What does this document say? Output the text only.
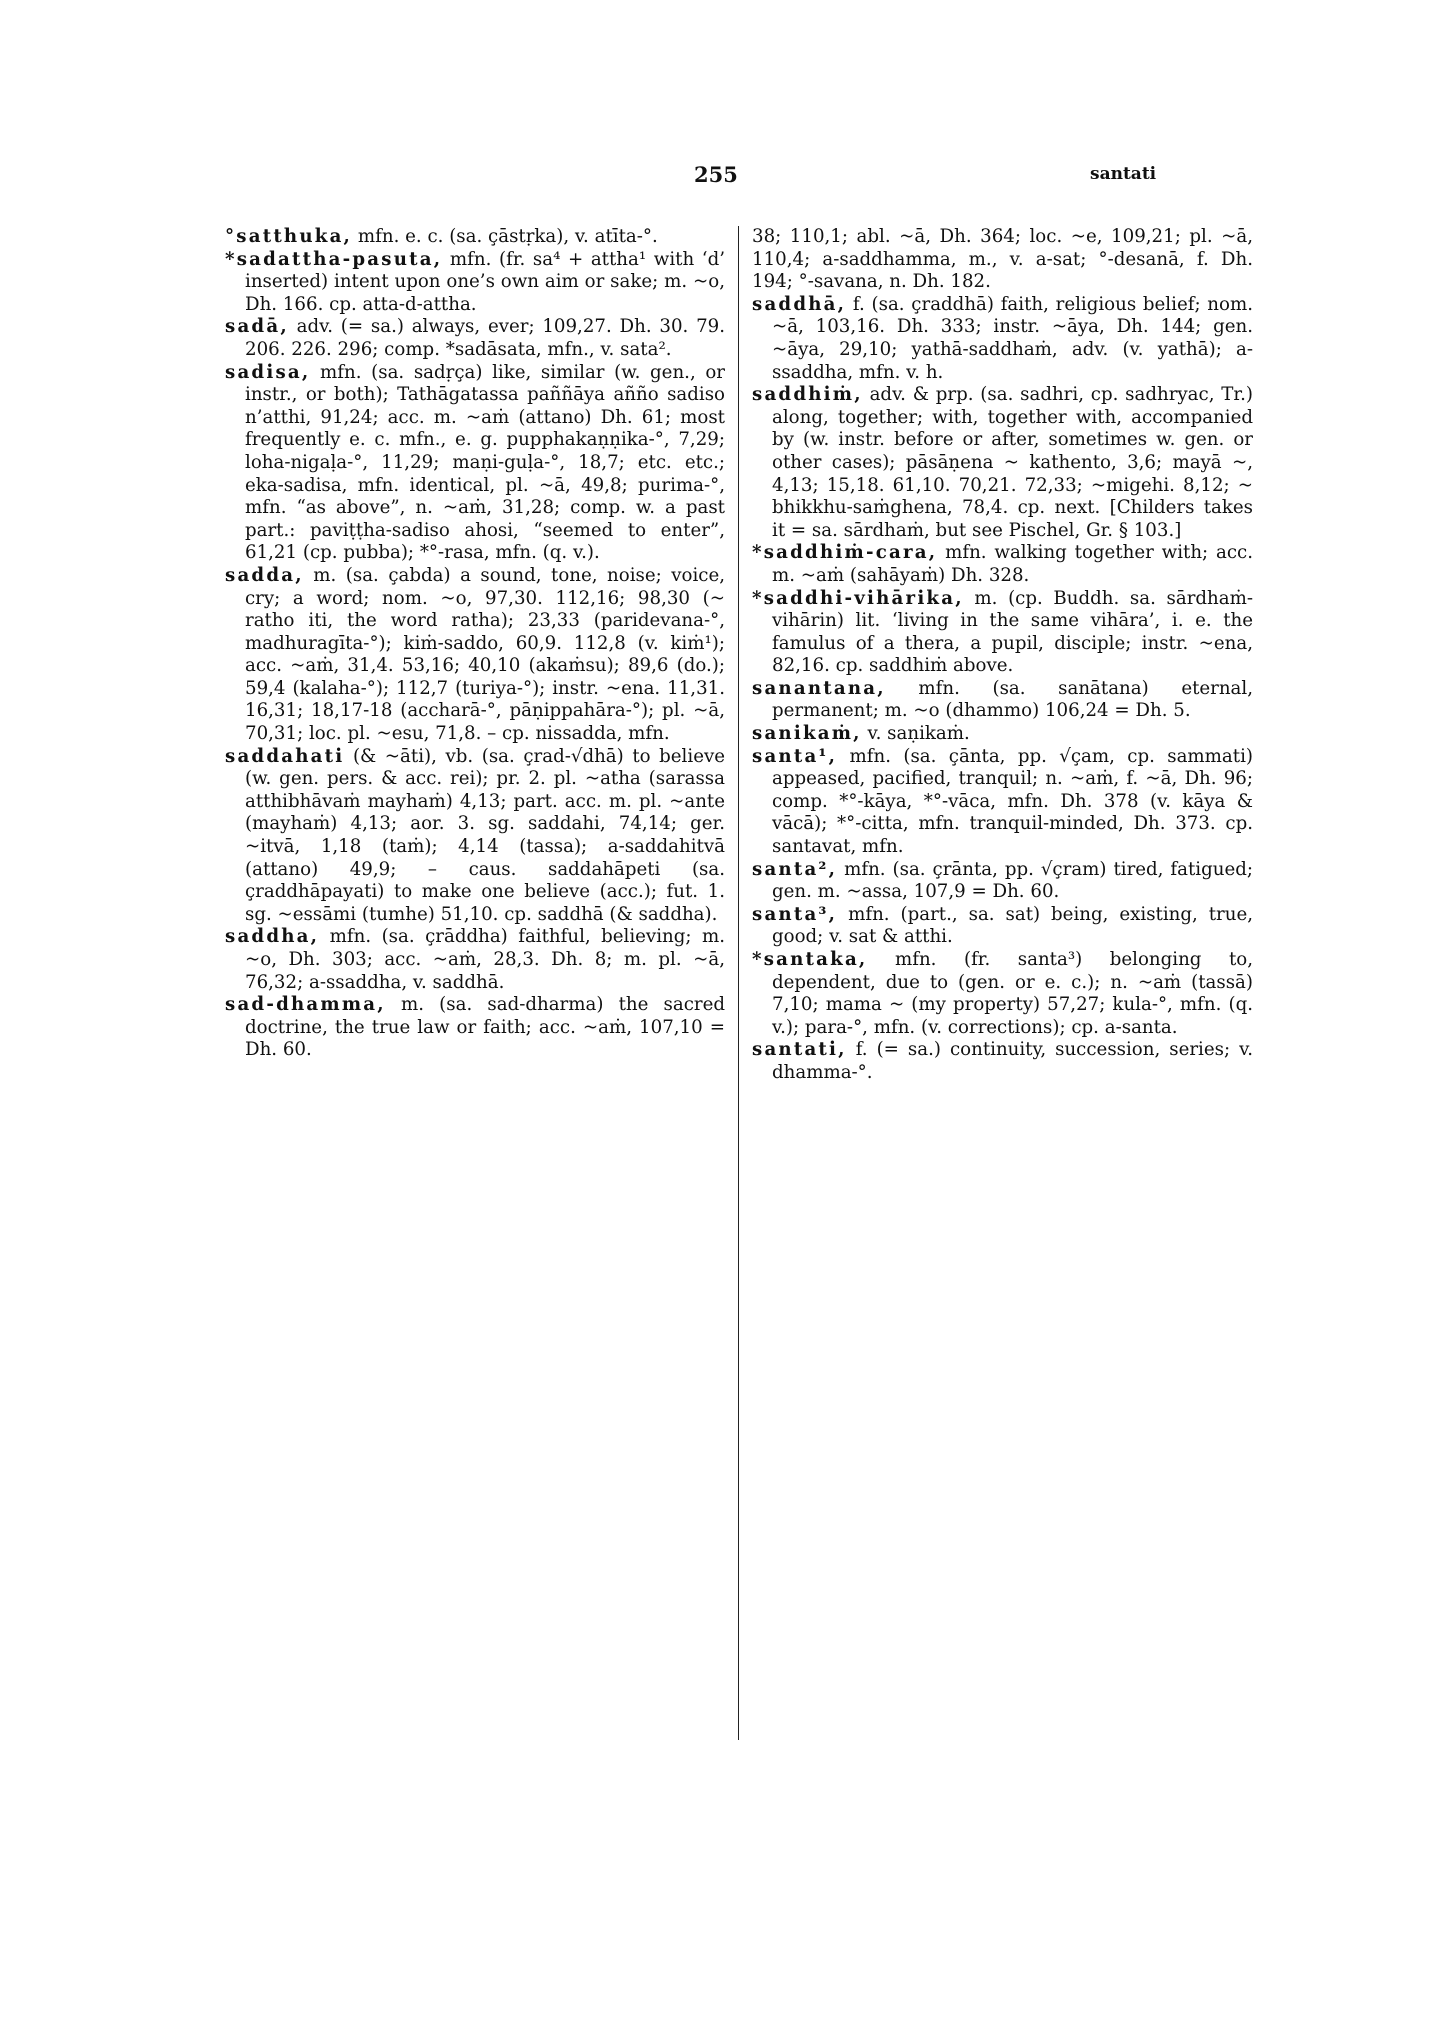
255	santati

°satthuka, mfn. e. c. (sa. çāstṛka), v. atīta-°.

*sadattha-pasuta, mfn. (fr. sa⁴ + attha¹ with ‘d’ inserted) intent upon one’s own aim or sake; m. ~o, Dh. 166. cp. atta-d-attha.

sadā, adv. (= sa.) always, ever; 109,27. Dh. 30. 79. 206. 226. 296; comp. *sadāsata, mfn., v. sata².

sadisa, mfn. (sa. sadṛça) like, similar (w. gen., or instr., or both); Tathāgatassa paññāya añño sadiso n’atthi, 91,24; acc. m. ~aṁ (attano) Dh. 61; most frequently e. c. mfn., e. g. pupphakaṇṇika-°, 7,29; loha-nigaḷa-°, 11,29; maṇi-guḷa-°, 18,7; etc. etc.; eka-sadisa, mfn. identical, pl. ~ā, 49,8; purima-°, mfn. “as above”, n. ~aṁ, 31,28; comp. w. a past part.: paviṭṭha-sadiso ahosi, “seemed to enter”, 61,21 (cp. pubba); *°-rasa, mfn. (q. v.).

sadda, m. (sa. çabda) a sound, tone, noise; voice, cry; a word; nom. ~o, 97,30. 112,16; 98,30 (~ ratho iti, the word ratha); 23,33 (paridevana-°, madhuragīta-°); kiṁ-saddo, 60,9. 112,8 (v. kiṁ¹); acc. ~aṁ, 31,4. 53,16; 40,10 (akaṁsu); 89,6 (do.); 59,4 (kalaha-°); 112,7 (turiya-°); instr. ~ena. 11,31. 16,31; 18,17-18 (accharā-°, pāṇippahāra-°); pl. ~ā, 70,31; loc. pl. ~esu, 71,8. – cp. nissadda, mfn.

saddahati (& ~āti), vb. (sa. çrad-√dhā) to believe (w. gen. pers. & acc. rei); pr. 2. pl. ~atha (sarassa atthibhāvaṁ mayhaṁ) 4,13; part. acc. m. pl. ~ante (mayhaṁ) 4,13; aor. 3. sg. saddahi, 74,14; ger. ~itvā, 1,18 (taṁ); 4,14 (tassa); a-saddahitvā (attano) 49,9; – caus. saddahāpeti (sa. çraddhāpayati) to make one believe (acc.); fut. 1. sg. ~essāmi (tumhe) 51,10. cp. saddhā (& saddha).

saddha, mfn. (sa. çrāddha) faithful, believing; m. ~o, Dh. 303; acc. ~aṁ, 28,3. Dh. 8; m. pl. ~ā, 76,32; a-ssaddha, v. saddhā.

sad-dhamma, m. (sa. sad-dharma) the sacred doctrine, the true law or faith; acc. ~aṁ, 107,10 = Dh. 60.

38; 110,1; abl. ~ā, Dh. 364; loc. ~e, 109,21; pl. ~ā, 110,4; a-saddhamma, m., v. a-sat; °-desanā, f. Dh. 194; °-savana, n. Dh. 182.

saddhā, f. (sa. çraddhā) faith, religious belief; nom. ~ā, 103,16. Dh. 333; instr. ~āya, Dh. 144; gen. ~āya, 29,10; yathā-saddhaṁ, adv. (v. yathā); a-ssaddha, mfn. v. h.

saddhiṁ, adv. & prp. (sa. sadhri, cp. sadhryac, Tr.) along, together; with, together with, accompanied by (w. instr. before or after, sometimes w. gen. or other cases); pāsāṇena ~ kathento, 3,6; mayā ~, 4,13; 15,18. 61,10. 70,21. 72,33; ~migehi. 8,12; ~ bhikkhu-saṁghena, 78,4. cp. next. [Childers takes it = sa. sārdhaṁ, but see Pischel, Gr. § 103.]

*saddhiṁ-cara, mfn. walking together with; acc. m. ~aṁ (sahāyaṁ) Dh. 328.

*saddhi-vihārika, m. (cp. Buddh. sa. sārdhaṁ-vihārin) lit. ‘living in the same vihāra’, i. e. the famulus of a thera, a pupil, disciple; instr. ~ena, 82,16. cp. saddhiṁ above.

sanantana, mfn. (sa. sanātana) eternal, permanent; m. ~o (dhammo) 106,24 = Dh. 5.

sanikaṁ, v. saṇikaṁ.

santa¹, mfn. (sa. çānta, pp. √çam, cp. sammati) appeased, pacified, tranquil; n. ~aṁ, f. ~ā, Dh. 96; comp. *°-kāya, *°-vāca, mfn. Dh. 378 (v. kāya & vācā); *°-citta, mfn. tranquil-minded, Dh. 373. cp. santavat, mfn.

santa², mfn. (sa. çrānta, pp. √çram) tired, fatigued; gen. m. ~assa, 107,9 = Dh. 60.

santa³, mfn. (part., sa. sat) being, existing, true, good; v. sat & atthi.

*santaka, mfn. (fr. santa³) belonging to, dependent, due to (gen. or e. c.); n. ~aṁ (tassā) 7,10; mama ~ (my property) 57,27; kula-°, mfn. (q. v.); para-°, mfn. (v. corrections); cp. a-santa.

santati, f. (= sa.) continuity, succession, series; v. dhamma-°.
